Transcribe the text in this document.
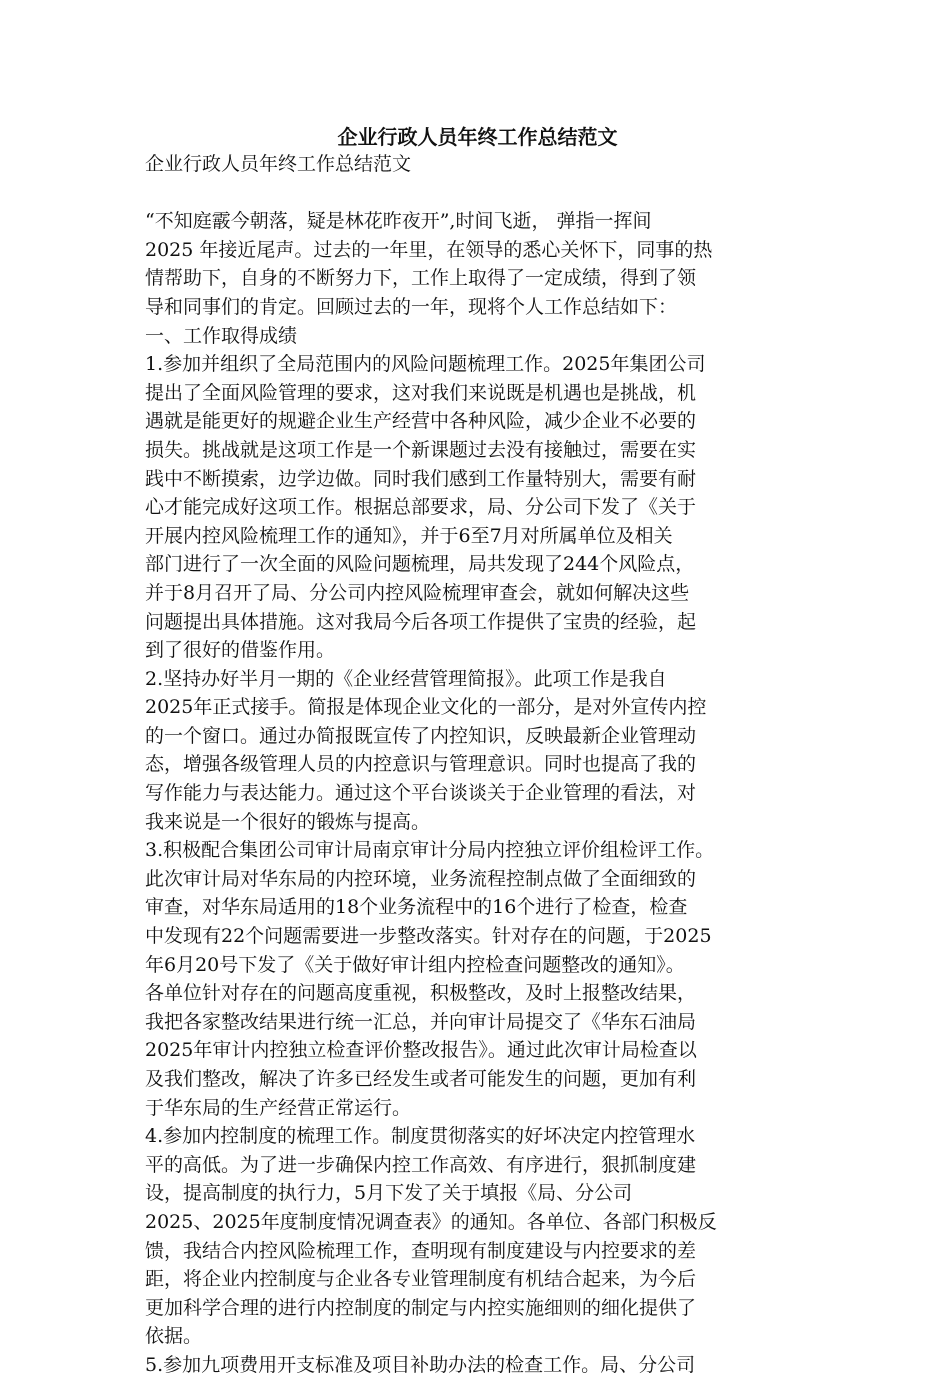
企业行政人员年终工作总结范文
企业行政人员年终工作总结范文
“不知庭霰今朝落，疑是林花昨夜开”,时间飞逝， 弹指一挥间
2025 年接近尾声。过去的一年里，在领导的悉心关怀下，同事的热
情帮助下，自身的不断努力下，工作上取得了一定成绩，得到了领
导和同事们的肯定。回顾过去的一年，现将个人工作总结如下：
一、工作取得成绩
1.参加并组织了全局范围内的风险问题梳理工作。2025年集团公司
提出了全面风险管理的要求，这对我们来说既是机遇也是挑战，机
遇就是能更好的规避企业生产经营中各种风险，减少企业不必要的
损失。挑战就是这项工作是一个新课题过去没有接触过，需要在实
践中不断摸索，边学边做。同时我们感到工作量特别大，需要有耐
心才能完成好这项工作。根据总部要求，局、分公司下发了《关于
开展内控风险梳理工作的通知》，并于6至7月对所属单位及相关
部门进行了一次全面的风险问题梳理，局共发现了244个风险点，
并于8月召开了局、分公司内控风险梳理审查会，就如何解决这些
问题提出具体措施。这对我局今后各项工作提供了宝贵的经验，起
到了很好的借鉴作用。
2.坚持办好半月一期的《企业经营管理简报》。此项工作是我自
2025年正式接手。简报是体现企业文化的一部分，是对外宣传内控
的一个窗口。通过办简报既宣传了内控知识，反映最新企业管理动
态，增强各级管理人员的内控意识与管理意识。同时也提高了我的
写作能力与表达能力。通过这个平台谈谈关于企业管理的看法，对
我来说是一个很好的锻炼与提高。
3.积极配合集团公司审计局南京审计分局内控独立评价组检评工作。
此次审计局对华东局的内控环境，业务流程控制点做了全面细致的
审查，对华东局适用的18个业务流程中的16个进行了检查，检查
中发现有22个问题需要进一步整改落实。针对存在的问题，于2025
年6月20号下发了《关于做好审计组内控检查问题整改的通知》。
各单位针对存在的问题高度重视，积极整改，及时上报整改结果，
我把各家整改结果进行统一汇总，并向审计局提交了《华东石油局
2025年审计内控独立检查评价整改报告》。通过此次审计局检查以
及我们整改，解决了许多已经发生或者可能发生的问题，更加有利
于华东局的生产经营正常运行。
4.参加内控制度的梳理工作。制度贯彻落实的好坏决定内控管理水
平的高低。为了进一步确保内控工作高效、有序进行，狠抓制度建
设，提高制度的执行力，5月下发了关于填报《局、分公司
2025、2025年度制度情况调查表》的通知。各单位、各部门积极反
馈，我结合内控风险梳理工作，查明现有制度建设与内控要求的差
距，将企业内控制度与企业各专业管理制度有机结合起来，为今后
更加科学合理的进行内控制度的制定与内控实施细则的细化提供了
依据。
5.参加九项费用开支标准及项目补助办法的检查工作。局、分公司
